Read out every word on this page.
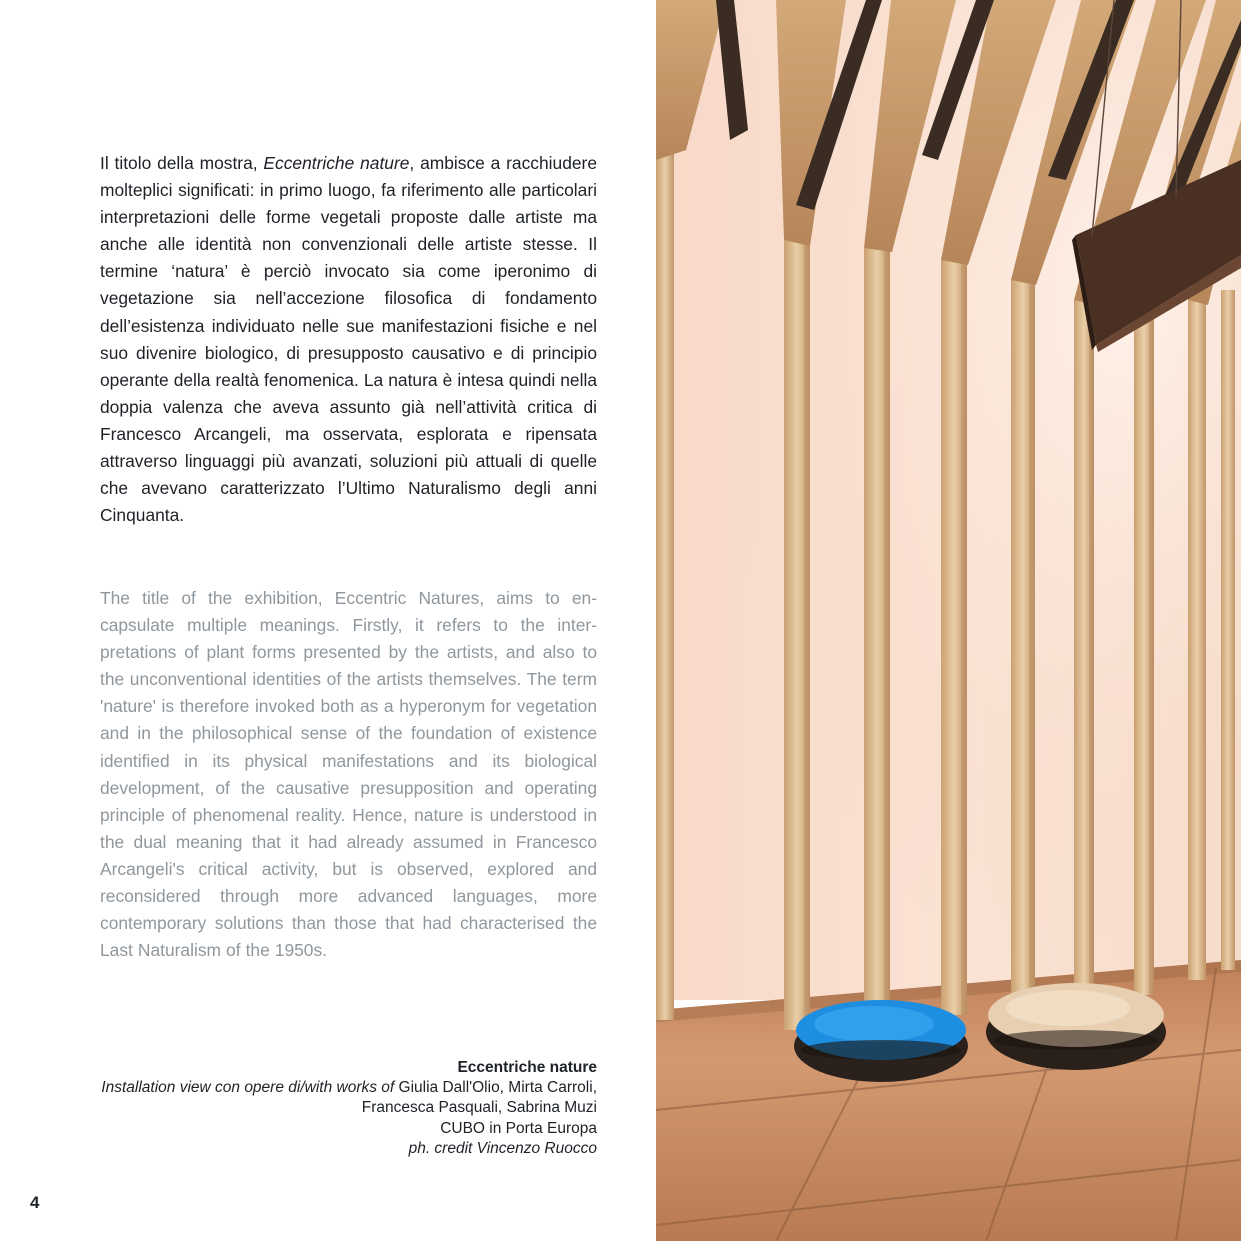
Il titolo della mostra, Eccentriche nature, ambisce a racchiudere molteplici significati: in primo luogo, fa riferimento alle particolari interpretazioni delle forme vegetali proposte dalle artiste ma anche alle identità non convenzionali delle artiste stesse. Il termine ‘natura’ è perciò invocato sia come iperonimo di vegetazione sia nell’accezione filosofica di fondamento dell’esistenza individuato nelle sue manifestazioni fisiche e nel suo divenire biologico, di presupposto causativo e di principio operante della realtà fenomenica. La natura è intesa quindi nella doppia valenza che aveva assunto già nell’attività critica di Francesco Arcangeli, ma osservata, esplorata e ripensata attraverso linguaggi più avanzati, soluzioni più attuali di quelle che avevano caratterizzato l’Ultimo Naturalismo degli anni Cinquanta.

The title of the exhibition, Eccentric Natures, aims to encapsulate multiple meanings. Firstly, it refers to the interpretations of plant forms presented by the artists, and also to the unconventional identities of the artists themselves. The term 'nature' is therefore invoked both as a hyperonym for vegetation and in the philosophical sense of the foundation of existence identified in its physical manifestations and its biological development, of the causative presupposition and operating principle of phenomenal reality. Hence, nature is understood in the dual meaning that it had already assumed in Francesco Arcangeli's critical activity, but is observed, explored and reconsidered through more advanced languages, more contemporary solutions than those that had characterised the Last Naturalism of the 1950s.

Eccentriche nature
Installation view con opere di/with works of Giulia Dall'Olio, Mirta Carroli, Francesca Pasquali, Sabrina Muzi
CUBO in Porta Europa
ph. credit Vincenzo Ruocco
4
